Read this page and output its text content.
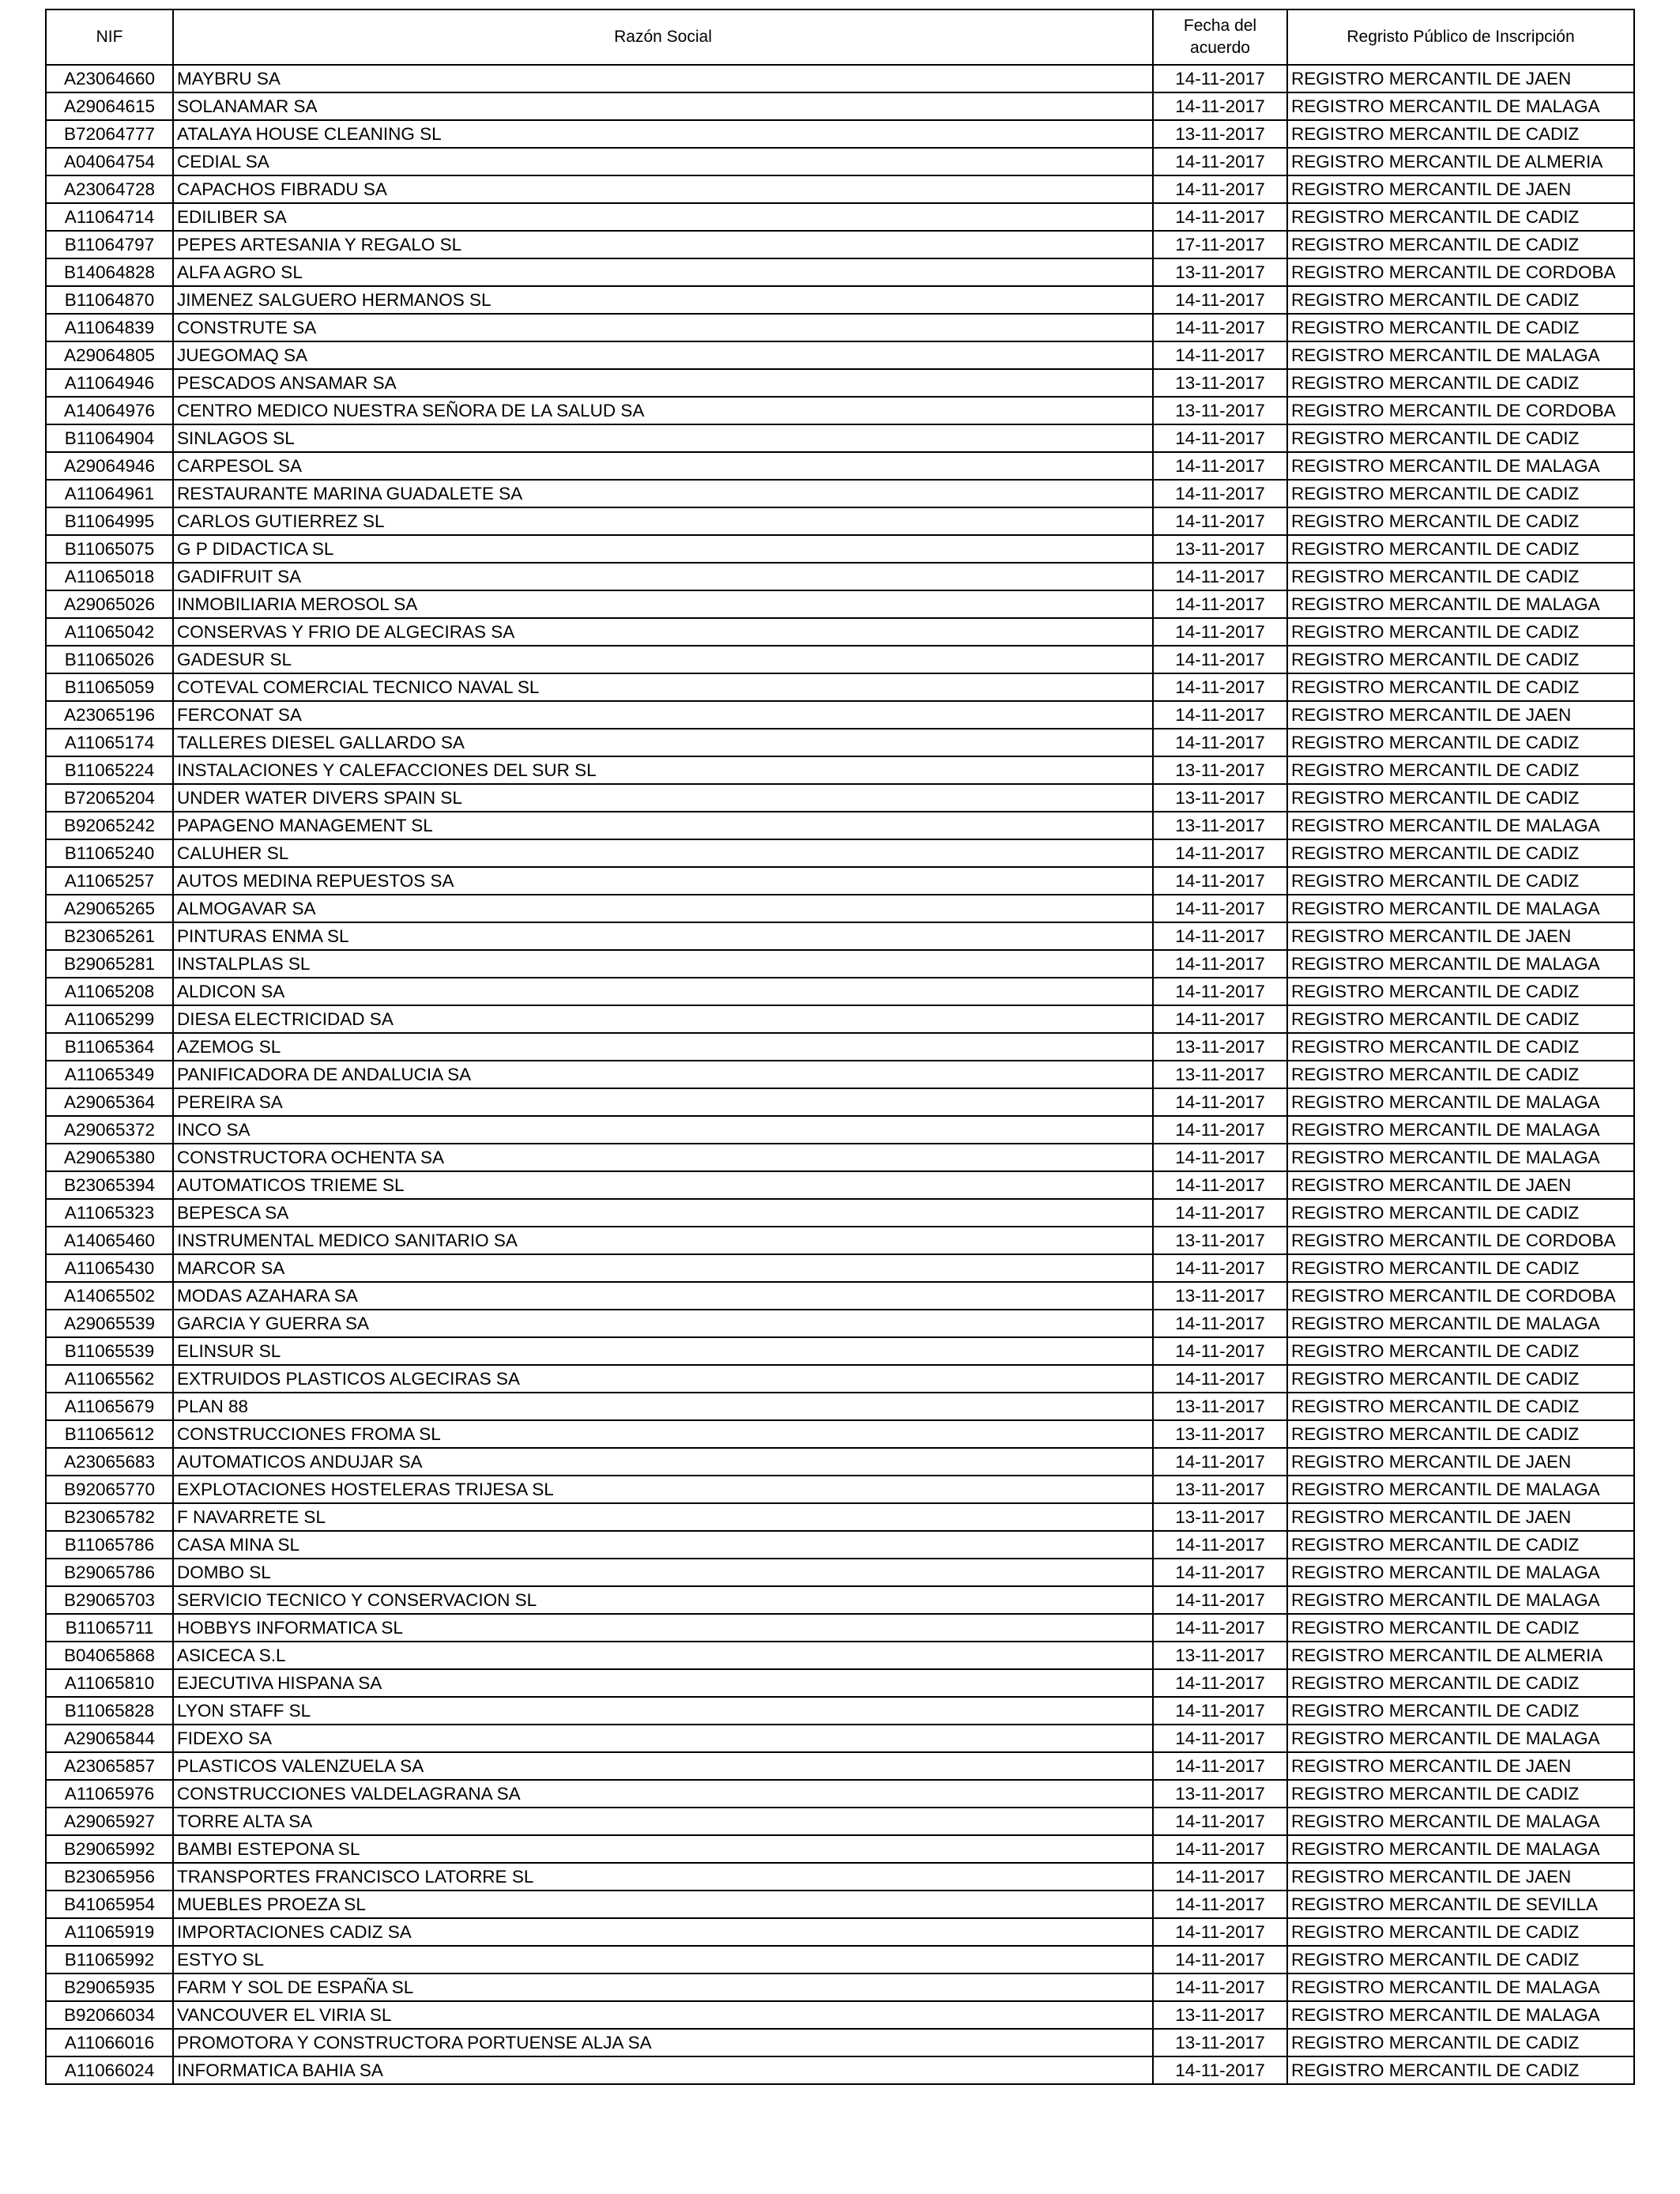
NIF	Razón Social	Fecha del acuerdo	Regristo Público de Inscripción
A23064660	MAYBRU SA	14-11-2017	REGISTRO MERCANTIL DE JAEN
A29064615	SOLANAMAR SA	14-11-2017	REGISTRO MERCANTIL DE MALAGA
B72064777	ATALAYA HOUSE CLEANING SL	13-11-2017	REGISTRO MERCANTIL DE CADIZ
A04064754	CEDIAL SA	14-11-2017	REGISTRO MERCANTIL DE ALMERIA
A23064728	CAPACHOS FIBRADU SA	14-11-2017	REGISTRO MERCANTIL DE JAEN
A11064714	EDILIBER SA	14-11-2017	REGISTRO MERCANTIL DE CADIZ
B11064797	PEPES ARTESANIA Y REGALO SL	17-11-2017	REGISTRO MERCANTIL DE CADIZ
B14064828	ALFA AGRO SL	13-11-2017	REGISTRO MERCANTIL DE CORDOBA
B11064870	JIMENEZ SALGUERO HERMANOS SL	14-11-2017	REGISTRO MERCANTIL DE CADIZ
A11064839	CONSTRUTE SA	14-11-2017	REGISTRO MERCANTIL DE CADIZ
A29064805	JUEGOMAQ SA	14-11-2017	REGISTRO MERCANTIL DE MALAGA
A11064946	PESCADOS ANSAMAR SA	13-11-2017	REGISTRO MERCANTIL DE CADIZ
A14064976	CENTRO MEDICO NUESTRA SEÑORA DE LA SALUD SA	13-11-2017	REGISTRO MERCANTIL DE CORDOBA
B11064904	SINLAGOS SL	14-11-2017	REGISTRO MERCANTIL DE CADIZ
A29064946	CARPESOL SA	14-11-2017	REGISTRO MERCANTIL DE MALAGA
A11064961	RESTAURANTE MARINA GUADALETE SA	14-11-2017	REGISTRO MERCANTIL DE CADIZ
B11064995	CARLOS GUTIERREZ SL	14-11-2017	REGISTRO MERCANTIL DE CADIZ
B11065075	G P DIDACTICA SL	13-11-2017	REGISTRO MERCANTIL DE CADIZ
A11065018	GADIFRUIT SA	14-11-2017	REGISTRO MERCANTIL DE CADIZ
A29065026	INMOBILIARIA MEROSOL SA	14-11-2017	REGISTRO MERCANTIL DE MALAGA
A11065042	CONSERVAS Y FRIO DE ALGECIRAS SA	14-11-2017	REGISTRO MERCANTIL DE CADIZ
B11065026	GADESUR SL	14-11-2017	REGISTRO MERCANTIL DE CADIZ
B11065059	COTEVAL COMERCIAL TECNICO NAVAL SL	14-11-2017	REGISTRO MERCANTIL DE CADIZ
A23065196	FERCONAT SA	14-11-2017	REGISTRO MERCANTIL DE JAEN
A11065174	TALLERES DIESEL GALLARDO SA	14-11-2017	REGISTRO MERCANTIL DE CADIZ
B11065224	INSTALACIONES Y CALEFACCIONES DEL SUR SL	13-11-2017	REGISTRO MERCANTIL DE CADIZ
B72065204	UNDER WATER DIVERS SPAIN SL	13-11-2017	REGISTRO MERCANTIL DE CADIZ
B92065242	PAPAGENO MANAGEMENT SL	13-11-2017	REGISTRO MERCANTIL DE MALAGA
B11065240	CALUHER SL	14-11-2017	REGISTRO MERCANTIL DE CADIZ
A11065257	AUTOS MEDINA REPUESTOS SA	14-11-2017	REGISTRO MERCANTIL DE CADIZ
A29065265	ALMOGAVAR SA	14-11-2017	REGISTRO MERCANTIL DE MALAGA
B23065261	PINTURAS ENMA SL	14-11-2017	REGISTRO MERCANTIL DE JAEN
B29065281	INSTALPLAS SL	14-11-2017	REGISTRO MERCANTIL DE MALAGA
A11065208	ALDICON SA	14-11-2017	REGISTRO MERCANTIL DE CADIZ
A11065299	DIESA ELECTRICIDAD SA	14-11-2017	REGISTRO MERCANTIL DE CADIZ
B11065364	AZEMOG SL	13-11-2017	REGISTRO MERCANTIL DE CADIZ
A11065349	PANIFICADORA DE ANDALUCIA SA	13-11-2017	REGISTRO MERCANTIL DE CADIZ
A29065364	PEREIRA SA	14-11-2017	REGISTRO MERCANTIL DE MALAGA
A29065372	INCO SA	14-11-2017	REGISTRO MERCANTIL DE MALAGA
A29065380	CONSTRUCTORA OCHENTA SA	14-11-2017	REGISTRO MERCANTIL DE MALAGA
B23065394	AUTOMATICOS TRIEME SL	14-11-2017	REGISTRO MERCANTIL DE JAEN
A11065323	BEPESCA SA	14-11-2017	REGISTRO MERCANTIL DE CADIZ
A14065460	INSTRUMENTAL MEDICO SANITARIO SA	13-11-2017	REGISTRO MERCANTIL DE CORDOBA
A11065430	MARCOR SA	14-11-2017	REGISTRO MERCANTIL DE CADIZ
A14065502	MODAS AZAHARA SA	13-11-2017	REGISTRO MERCANTIL DE CORDOBA
A29065539	GARCIA Y GUERRA SA	14-11-2017	REGISTRO MERCANTIL DE MALAGA
B11065539	ELINSUR SL	14-11-2017	REGISTRO MERCANTIL DE CADIZ
A11065562	EXTRUIDOS PLASTICOS ALGECIRAS SA	14-11-2017	REGISTRO MERCANTIL DE CADIZ
A11065679	PLAN 88	13-11-2017	REGISTRO MERCANTIL DE CADIZ
B11065612	CONSTRUCCIONES FROMA SL	13-11-2017	REGISTRO MERCANTIL DE CADIZ
A23065683	AUTOMATICOS ANDUJAR SA	14-11-2017	REGISTRO MERCANTIL DE JAEN
B92065770	EXPLOTACIONES HOSTELERAS TRIJESA SL	13-11-2017	REGISTRO MERCANTIL DE MALAGA
B23065782	F NAVARRETE SL	13-11-2017	REGISTRO MERCANTIL DE JAEN
B11065786	CASA MINA SL	14-11-2017	REGISTRO MERCANTIL DE CADIZ
B29065786	DOMBO SL	14-11-2017	REGISTRO MERCANTIL DE MALAGA
B29065703	SERVICIO TECNICO Y CONSERVACION SL	14-11-2017	REGISTRO MERCANTIL DE MALAGA
B11065711	HOBBYS INFORMATICA SL	14-11-2017	REGISTRO MERCANTIL DE CADIZ
B04065868	ASICECA S.L	13-11-2017	REGISTRO MERCANTIL DE ALMERIA
A11065810	EJECUTIVA HISPANA SA	14-11-2017	REGISTRO MERCANTIL DE CADIZ
B11065828	LYON STAFF SL	14-11-2017	REGISTRO MERCANTIL DE CADIZ
A29065844	FIDEXO SA	14-11-2017	REGISTRO MERCANTIL DE MALAGA
A23065857	PLASTICOS VALENZUELA SA	14-11-2017	REGISTRO MERCANTIL DE JAEN
A11065976	CONSTRUCCIONES VALDELAGRANA SA	13-11-2017	REGISTRO MERCANTIL DE CADIZ
A29065927	TORRE ALTA SA	14-11-2017	REGISTRO MERCANTIL DE MALAGA
B29065992	BAMBI ESTEPONA SL	14-11-2017	REGISTRO MERCANTIL DE MALAGA
B23065956	TRANSPORTES FRANCISCO LATORRE SL	14-11-2017	REGISTRO MERCANTIL DE JAEN
B41065954	MUEBLES PROEZA SL	14-11-2017	REGISTRO MERCANTIL DE SEVILLA
A11065919	IMPORTACIONES CADIZ SA	14-11-2017	REGISTRO MERCANTIL DE CADIZ
B11065992	ESTYO SL	14-11-2017	REGISTRO MERCANTIL DE CADIZ
B29065935	FARM Y SOL DE ESPAÑA SL	14-11-2017	REGISTRO MERCANTIL DE MALAGA
B92066034	VANCOUVER EL VIRIA SL	13-11-2017	REGISTRO MERCANTIL DE MALAGA
A11066016	PROMOTORA Y CONSTRUCTORA PORTUENSE ALJA SA	13-11-2017	REGISTRO MERCANTIL DE CADIZ
A11066024	INFORMATICA BAHIA SA	14-11-2017	REGISTRO MERCANTIL DE CADIZ
